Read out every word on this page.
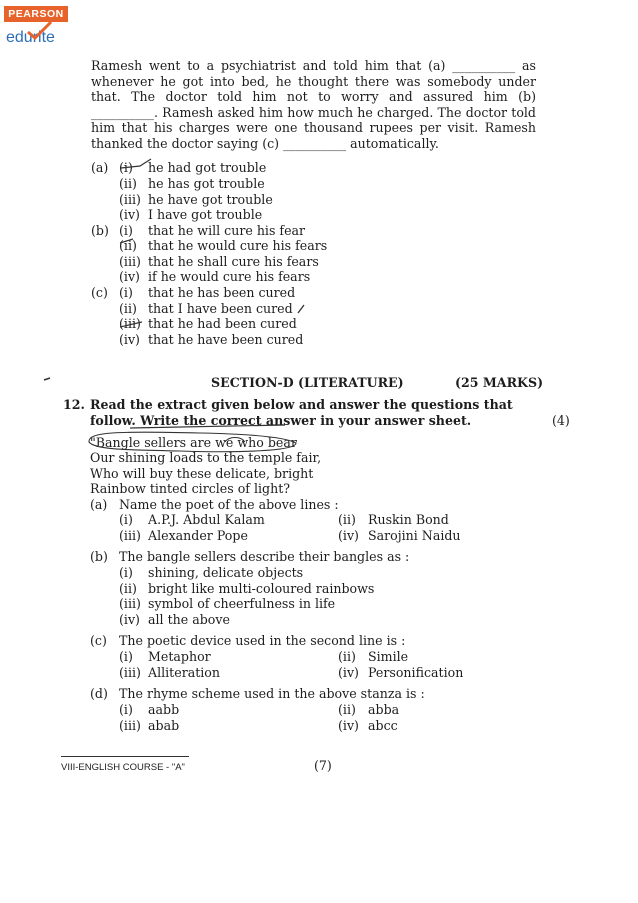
PEARSON
edurite

Ramesh went to a psychiatrist and told him that (a) __________ as whenever he got into bed, he thought there was somebody under that. The doctor told him not to worry and assured him (b) __________. Ramesh asked him how much he charged. The doctor told him that his charges were one thousand rupees per visit. Ramesh thanked the doctor saying (c) __________ automatically.

(a) (i) he had got trouble
(ii) he has got trouble
(iii) he have got trouble
(iv) I have got trouble
(b) (i) that he will cure his fear
(ii) that he would cure his fears
(iii) that he shall cure his fears
(iv) if he would cure his fears
(c) (i) that he has been cured
(ii) that I have been cured
(iii) that he had been cured
(iv) that he have been cured
SECTION-D (LITERATURE)	(25 MARKS)
12. Read the extract given below and answer the questions that follow. Write the correct answer in your answer sheet.	(4)
"Bangle sellers are we who bear
Our shining loads to the temple fair,
Who will buy these delicate, bright
Rainbow tinted circles of light?
(a) Name the poet of the above lines :
(i) A.P.J. Abdul Kalam	(ii) Ruskin Bond
(iii) Alexander Pope	(iv) Sarojini Naidu
(b) The bangle sellers describe their bangles as :
(i) shining, delicate objects
(ii) bright like multi-coloured rainbows
(iii) symbol of cheerfulness in life
(iv) all the above
(c) The poetic device used in the second line is :
(i) Metaphor	(ii) Simile
(iii) Alliteration	(iv) Personification
(d) The rhyme scheme used in the above stanza is :
(i) aabb	(ii) abba
(iii) abab	(iv) abcc
VIII-ENGLISH COURSE - "A"	(7)
